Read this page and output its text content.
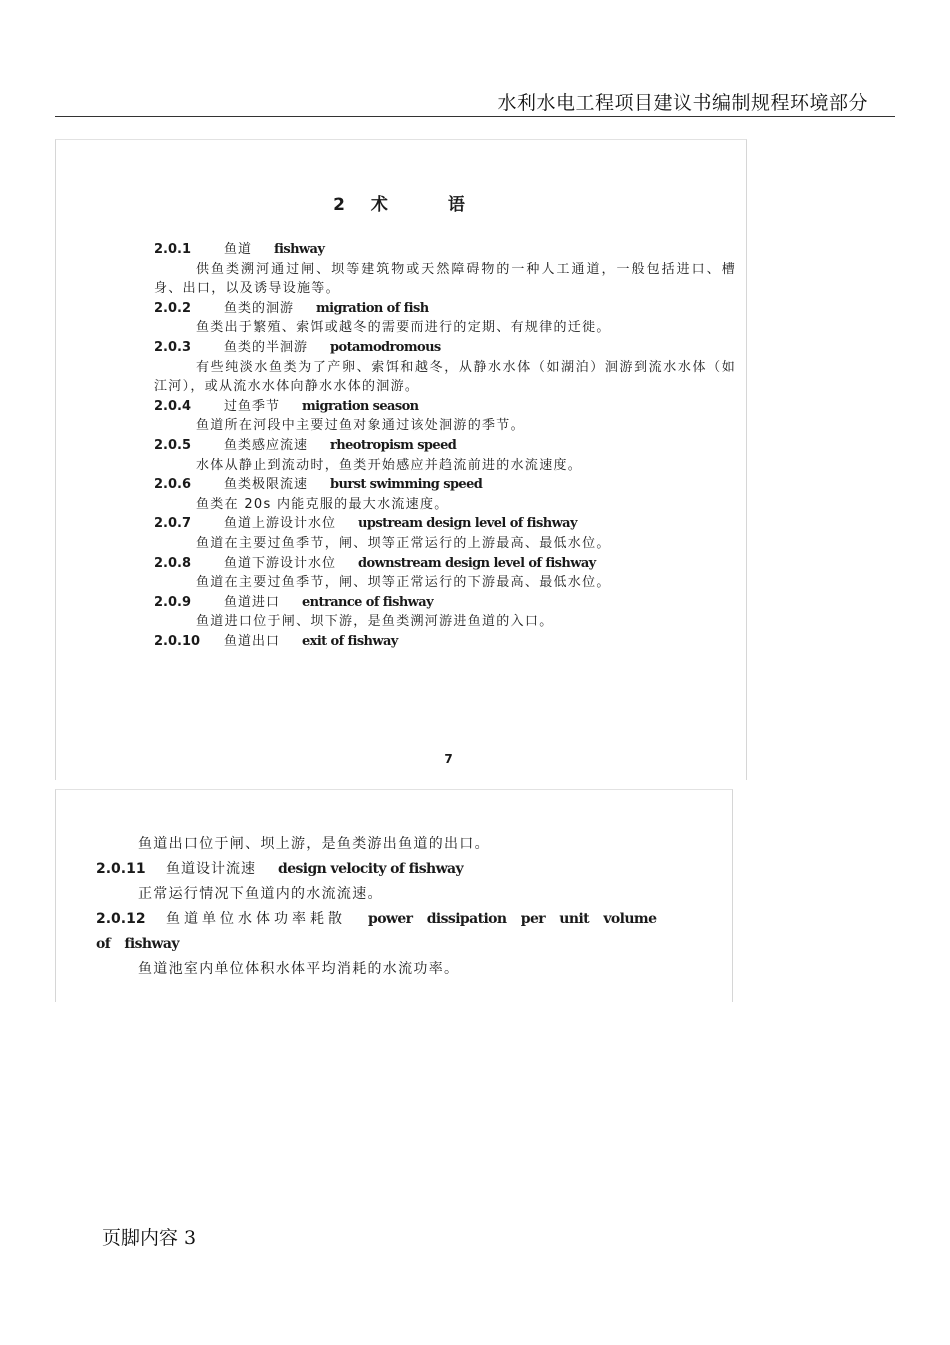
水利水电工程项目建议书编制规程环境部分
2 术	语
2.0.1	鱼道 fishway
供鱼类溯河通过闸、坝等建筑物或天然障碍物的一种人工通道，一般包括进口、槽身、出口，以及诱导设施等。
2.0.2	鱼类的洄游 migration of fish
鱼类出于繁殖、索饵或越冬的需要而进行的定期、有规律的迁徙。
2.0.3	鱼类的半洄游 potamodromous
有些纯淡水鱼类为了产卵、索饵和越冬，从静水水体（如湖泊）洄游到流水水体（如江河），或从流水水体向静水水体的洄游。
2.0.4	过鱼季节 migration season
鱼道所在河段中主要过鱼对象通过该处洄游的季节。
2.0.5	鱼类感应流速 rheotropism speed
水体从静止到流动时，鱼类开始感应并趋流前进的水流速度。
2.0.6	鱼类极限流速 burst swimming speed
鱼类在 20s 内能克服的最大水流速度。
2.0.7	鱼道上游设计水位 upstream design level of fishway
鱼道在主要过鱼季节，闸、坝等正常运行的上游最高、最低水位。
2.0.8	鱼道下游设计水位 downstream design level of fishway
鱼道在主要过鱼季节，闸、坝等正常运行的下游最高、最低水位。
2.0.9	鱼道进口 entrance of fishway
鱼道进口位于闸、坝下游，是鱼类溯河游进鱼道的入口。
2.0.10 鱼道出口 exit of fishway
7
鱼道出口位于闸、坝上游，是鱼类游出鱼道的出口。
2.0.11 鱼道设计流速 design velocity of fishway
正常运行情况下鱼道内的水流流速。
2.0.12 鱼道单位水体功率耗散 power dissipation per unit volume of fishway
鱼道池室内单位体积水体平均消耗的水流功率。
页脚内容 3
